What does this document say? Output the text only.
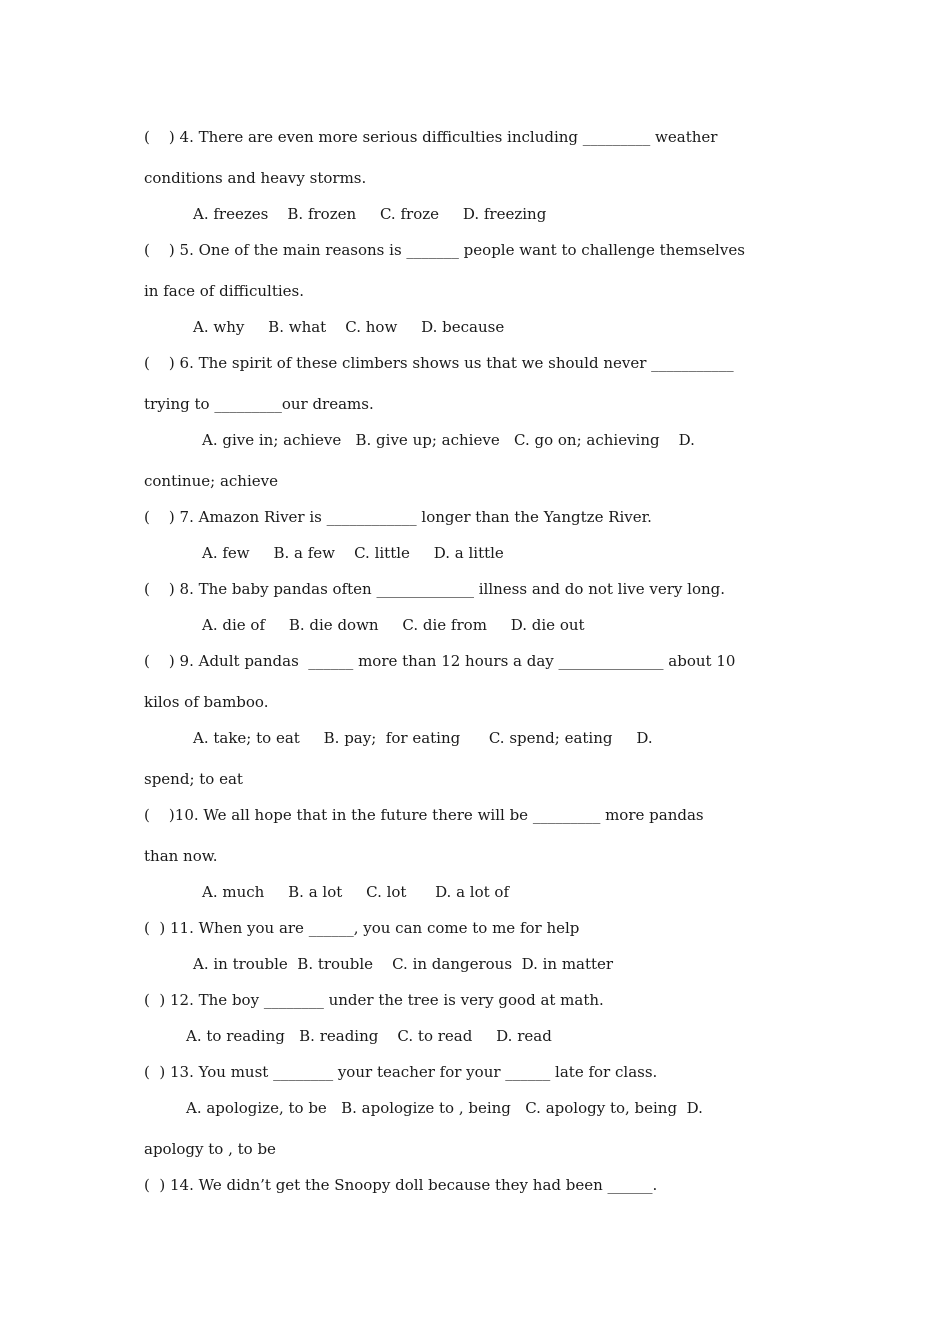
(    ) 4. There are even more serious difficulties including _________ weather
conditions and heavy storms.
A. freezes    B. frozen     C. froze     D. freezing
(    ) 5. One of the main reasons is _______ people want to challenge themselves
in face of difficulties.
A. why     B. what    C. how     D. because
(    ) 6. The spirit of these climbers shows us that we should never ___________
trying to _________our dreams.
A. give in; achieve   B. give up; achieve   C. go on; achieving    D.
continue; achieve
(    ) 7. Amazon River is ____________ longer than the Yangtze River.
A. few     B. a few    C. little     D. a little
(    ) 8. The baby pandas often _____________ illness and do not live very long.
A. die of     B. die down     C. die from     D. die out
(    ) 9. Adult pandas  ______ more than 12 hours a day ______________ about 10
kilos of bamboo.
A. take; to eat     B. pay;  for eating      C. spend; eating     D.
spend; to eat
(    )10. We all hope that in the future there will be _________ more pandas
than now.
A. much     B. a lot     C. lot      D. a lot of
(  ) 11. When you are ______, you can come to me for help
A. in trouble  B. trouble    C. in dangerous  D. in matter
(  ) 12. The boy ________ under the tree is very good at math.
A. to reading   B. reading    C. to read     D. read
(  ) 13. You must ________ your teacher for your ______ late for class.
A. apologize, to be   B. apologize to , being   C. apology to, being  D.
apology to , to be
(  ) 14. We didn’t get the Snoopy doll because they had been ______.
